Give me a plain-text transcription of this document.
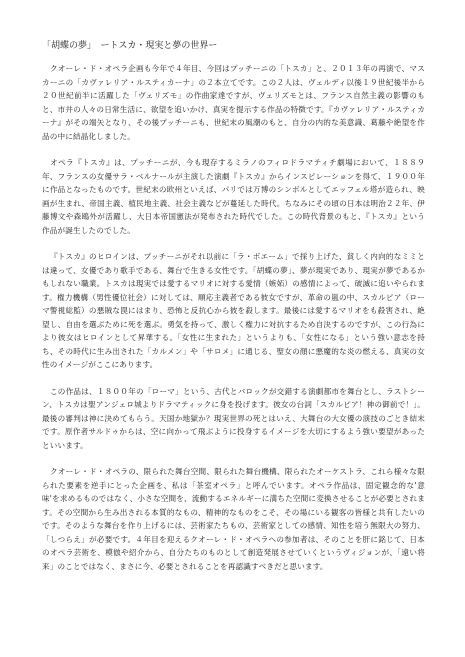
「胡蝶の夢」　ートスカ・現実と夢の世界ー

クオーレ・ド・オペラ企画も今年で４年目、今回はプッチーニの「トスカ」と、２０１３年の再演で、マスカーニの「カヴァレリア・ルスティカーナ」の２本立てです。この２人は、ヴェルディ以後１９世紀後半から２０世紀前半に活躍した「ヴェリズモ」の作曲家達ですが、ヴェリズモとは、フランス自然主義の影響のもと、市井の人々の日常生活に、欲望を追いかけ、真実を提示する作品の特徴です。『カヴァレリア・ルスティカーナ』がその端矢となり、その後プッチーニも、世紀末の風潮のもと、自分の内的な美意識、葛藤や絶望を作品の中に結晶化しました。

オペラ『トスカ』は、プッチーニが、今も現存するミラノのフィロドラマティチ劇場において、１８８９年、フランスの女優サラ・ベルナールが主演した演劇『トスカ』からインスピレーションを得て、１９００年に作品となったものです。世紀末の欧州といえば、パリでは万博のシンボルとしてエッフェル塔が造られ、映画が生まれ、帝国主義、植民地主義、社会主義などが蔓延した時代。ちなみにその頃の日本は明治２２年、伊藤博文や森鴎外が活躍し、大日本帝国憲法が発布された時代でした。この時代背景のもと、『トスカ』という作品が誕生したのでした。

『トスカ』のヒロインは、プッチーニがそれ以前に「ラ・ボエーム」で採り上げた、貧しく内向的なミミとは違って、女優であり歌手である、舞台で生きる女性です。「胡蝶の夢」、夢が現実であり、現実が夢であるかもしれない職業。トスカは現実では愛するマリオに対する愛情（嫉妬）の感情によって、破滅に追いやられます。権力機構（男性優位社会）に対しては、順応主義者である彼女ですが、革命の嵐の中、スカルピア（ローマ警視総監）の悪賊な罠にはまり、恐怖と反抗心から彼を殺します。最後には愛するマリオをも殺害され、絶望し、自由を選ぶために死を選ぶ。勇気を持って、激しく権力に対抗するため自決するのですが、この行為により彼女はヒロインとして昇華する。「女性に生まれた」というよりも、「女性になる」という強い意志を持ち、その時代に生み出された「カルメン」や「サロメ」に通じる、聖女の顔に悪魔的な炎の燃える、真実の女性のイメージがここにあります。

この作品は、１８００年の「ローマ」という、古代とバロックが交錯する演劇都市を舞台とし、ラストシーン、トスカは聖アンジェロ城よりドラマティックに身を投げます。彼女の台詞「スカルピア！神の御前で！」。最後の審判は神に決めてもらう。天国か地獄か？現実世界の死とはいえ、大舞台の大女優の演技のごとき結末です。原作者サルドゥからは、空に向かって飛ぶように投身するイメージを大切にするよう強い要望があったといいます。

クオーレ・ド・オペラの、限られた舞台空間、限られた舞台機構、限られたオーケストラ、これら様々な限られた要素を逆手にとった企画を、私は「茶室オペラ」と呼んでいます。オペラ作品は、固定観念的な'意味'を求めるものではなく、小さな空間を、流動するエネルギーに満ちた空間に変換させることが必要とされます。その空間から生み出される本質的なもの、精神的なものをこそ、その場にいる観客の皆様と共有したいのです。そのような舞台を作り上げるには、芸術家たちもの、芸術家としての感情、知性を培う無限大の努力、「しつらえ」が必要です。４年目を迎えるクオーレ・ド・オペラへの参加者は、そのことを肝に銘じて、日本のオペラ芸術を、模倣や紹介から、自分たちのものとして創造発展させていくというヴィジョンが、「遠い将来」のことではなく、まさに今、必要とされることを再認識すべきだと思います。
